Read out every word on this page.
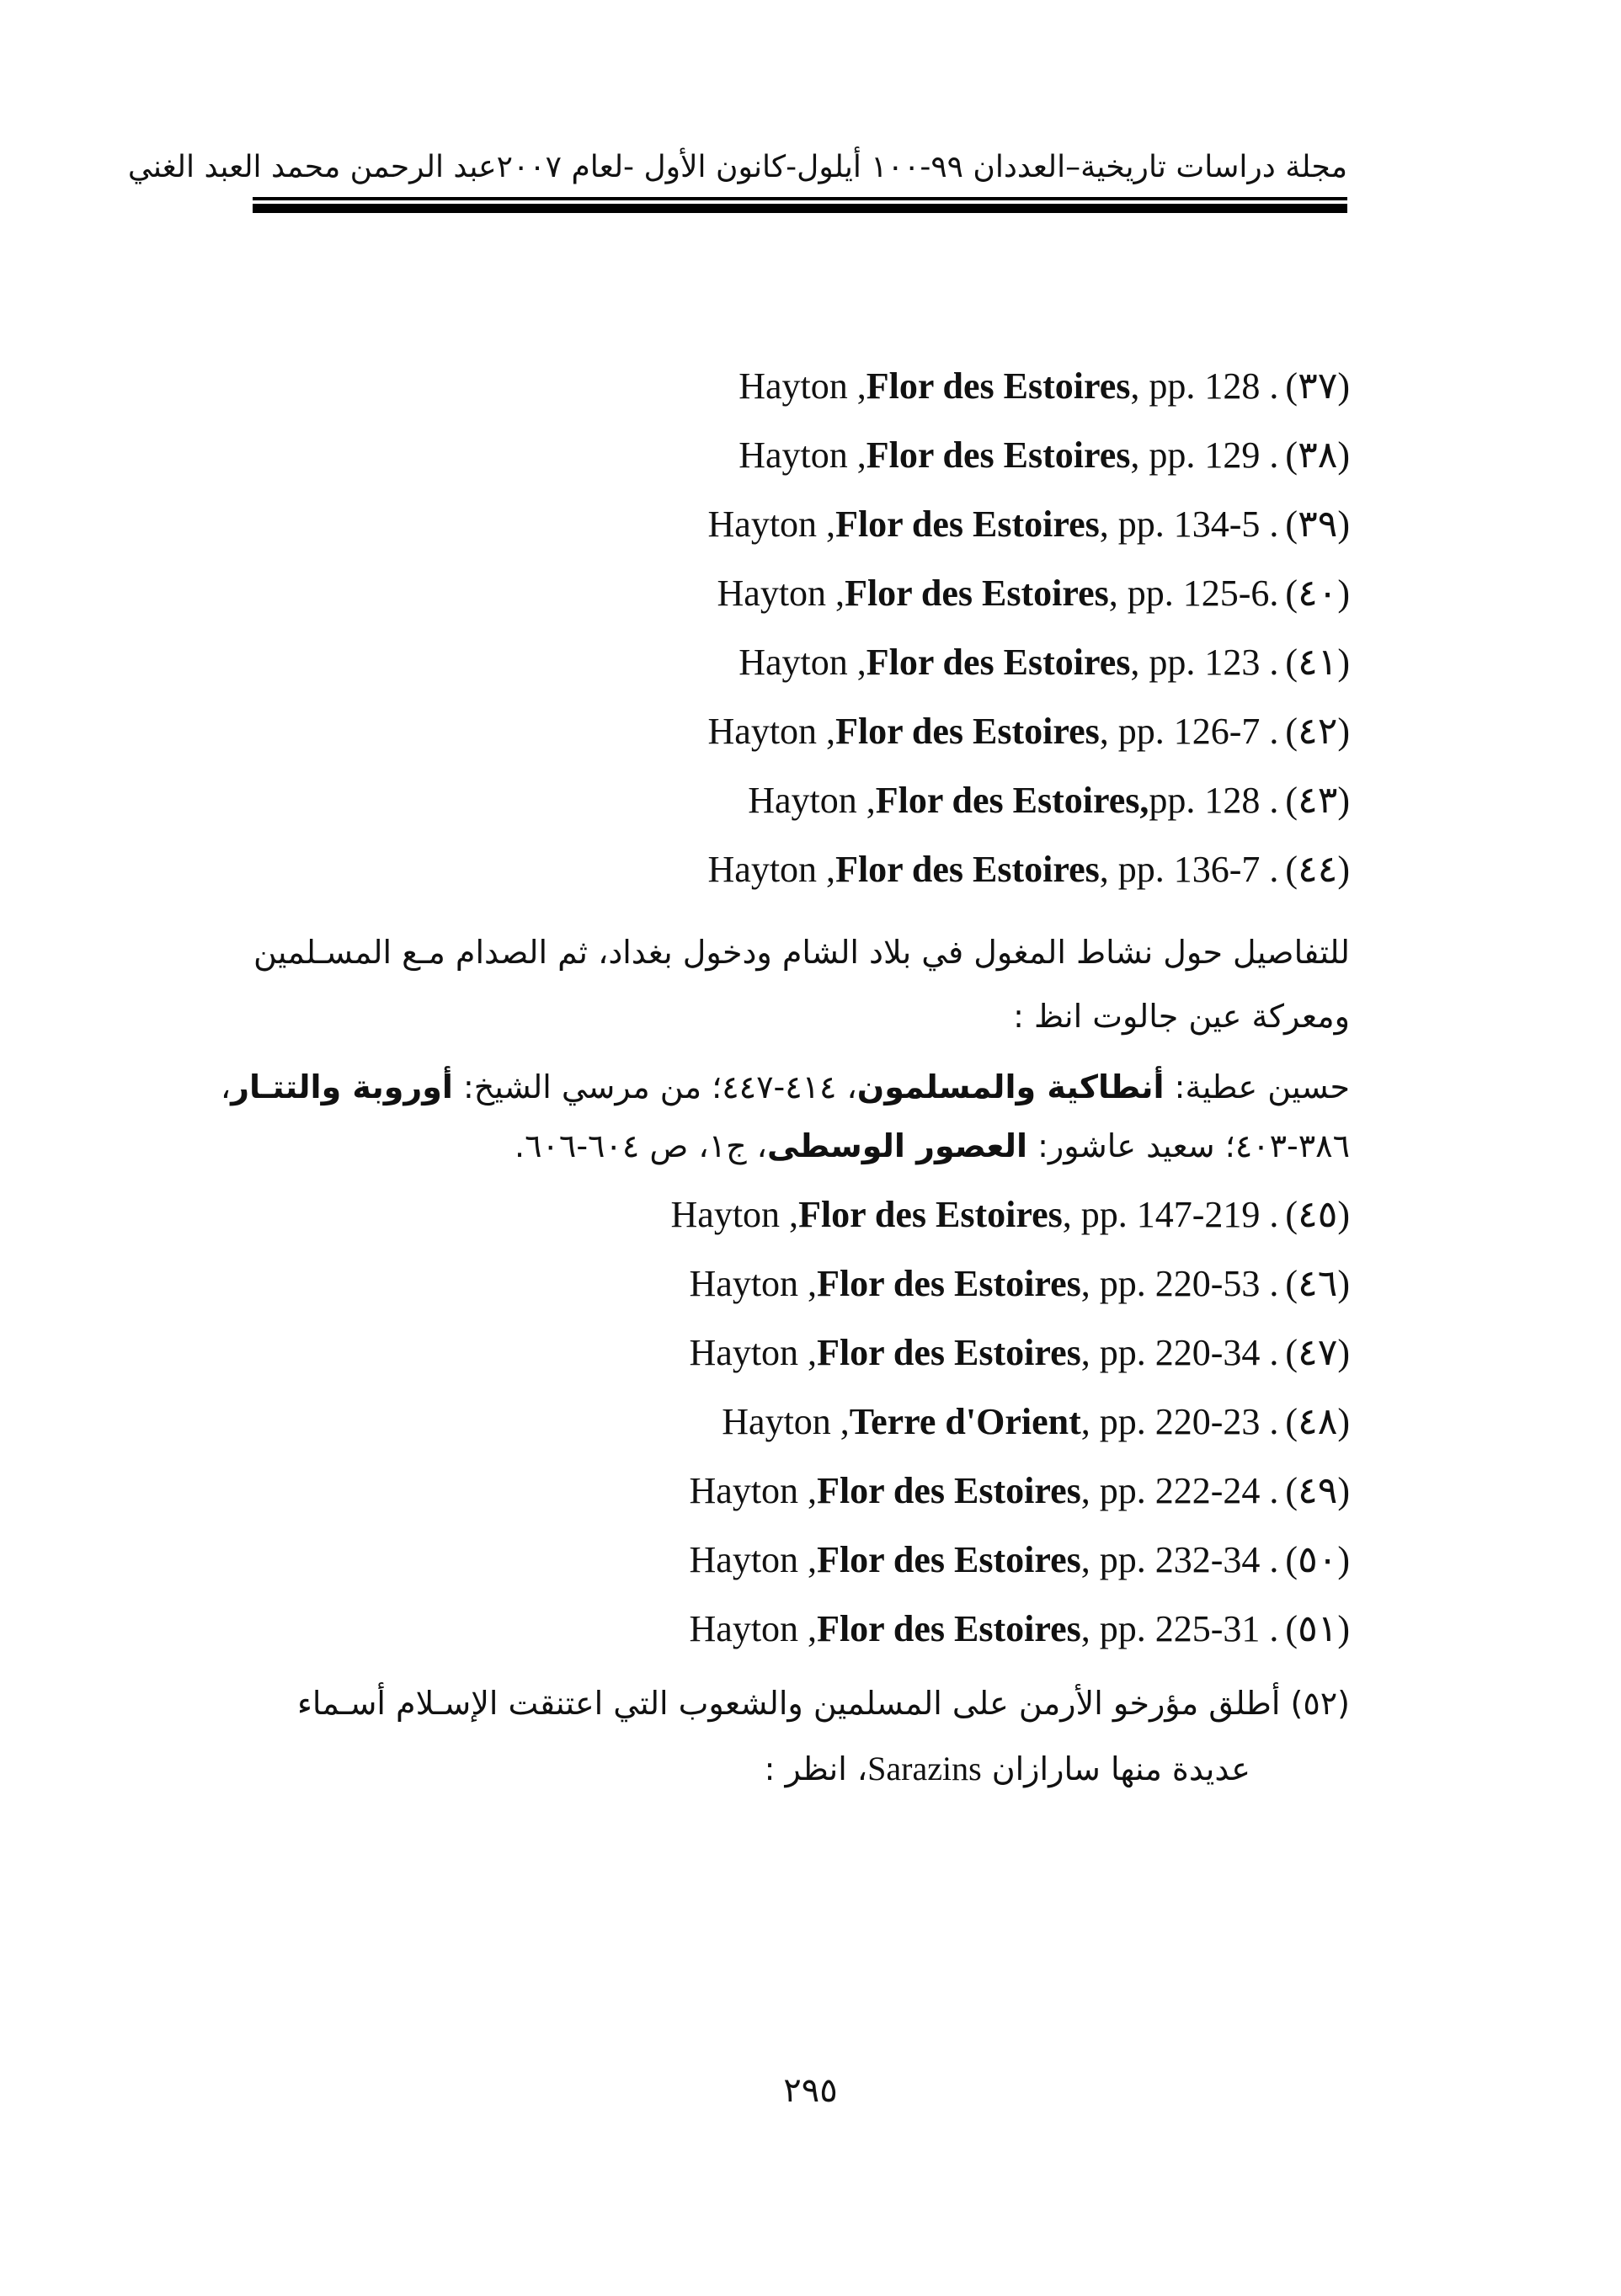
مجلة دراسات تاريخية–العددان ٩٩-١٠٠ أيلول-كانون الأول -لعام ٢٠٠٧
عبد الرحمن محمد العبد الغني
Hayton , Flor des Estoires , pp. 128 . (٣٧)
Hayton , Flor des Estoires , pp. 129 . (٣٨)
Hayton , Flor des Estoires , pp. 134-5 . (٣٩)
Hayton , Flor des Estoires , pp. 125-6. (٤٠)
Hayton , Flor des Estoires , pp. 123 . (٤١)
Hayton , Flor des Estoires , pp. 126-7 . (٤٢)
Hayton , Flor des Estoires, pp. 128 . (٤٣)
Hayton , Flor des Estoires , pp. 136-7 . (٤٤)
للتفاصيل حول نشاط المغول في بلاد الشام ودخول بغداد، ثم الصدام مـع المسـلمين
ومعركة عين جالوت انظ :
حسين عطية: أنطاكية والمسلمون، ٤١٤-٤٤٧؛ من مرسي الشيخ: أوروبة والتتـار،
٣٨٦-٤٠٣؛ سعيد عاشور: العصور الوسطى، ج١، ص ٦٠٤-٦٠٦.
Hayton , Flor des Estoires , pp. 147-219 . (٤٥)
Hayton , Flor des Estoires , pp. 220-53 . (٤٦)
Hayton , Flor des Estoires , pp. 220-34 . (٤٧)
Hayton , Terre d'Orient , pp. 220-23 . (٤٨)
Hayton , Flor des Estoires , pp. 222-24 . (٤٩)
Hayton , Flor des Estoires , pp. 232-34 . (٥٠)
Hayton , Flor des Estoires , pp. 225-31 . (٥١)
(٥٢) أطلق مؤرخو الأرمن على المسلمين والشعوب التي اعتنقت الإسـلام أسـماء
عديدة منها سارازان Sarazins، انظر :
٢٩٥
